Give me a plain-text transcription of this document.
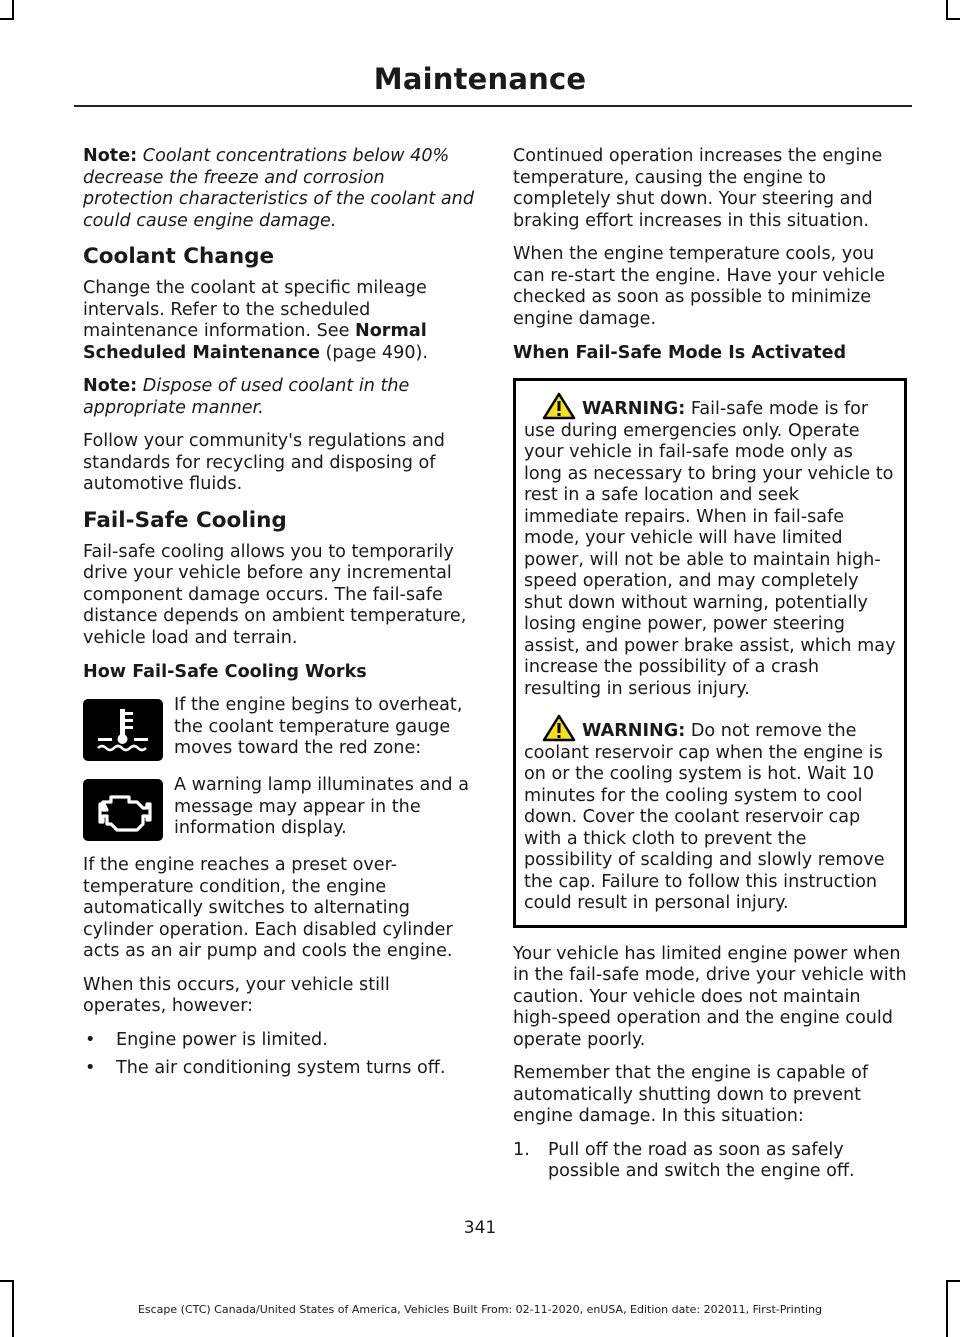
Maintenance

Note: Coolant concentrations below 40% decrease the freeze and corrosion protection characteristics of the coolant and could cause engine damage.

Coolant Change

Change the coolant at specific mileage intervals. Refer to the scheduled maintenance information. See Normal Scheduled Maintenance (page 490).

Note: Dispose of used coolant in the appropriate manner.

Follow your community's regulations and standards for recycling and disposing of automotive fluids.

Fail-Safe Cooling

Fail-safe cooling allows you to temporarily drive your vehicle before any incremental component damage occurs. The fail-safe distance depends on ambient temperature, vehicle load and terrain.

How Fail-Safe Cooling Works

If the engine begins to overheat, the coolant temperature gauge moves toward the red zone:

A warning lamp illuminates and a message may appear in the information display.

If the engine reaches a preset over-temperature condition, the engine automatically switches to alternating cylinder operation. Each disabled cylinder acts as an air pump and cools the engine.

When this occurs, your vehicle still operates, however:

• Engine power is limited.
• The air conditioning system turns off.

Continued operation increases the engine temperature, causing the engine to completely shut down. Your steering and braking effort increases in this situation.

When the engine temperature cools, you can re-start the engine. Have your vehicle checked as soon as possible to minimize engine damage.

When Fail-Safe Mode Is Activated

WARNING: Fail-safe mode is for use during emergencies only. Operate your vehicle in fail-safe mode only as long as necessary to bring your vehicle to rest in a safe location and seek immediate repairs. When in fail-safe mode, your vehicle will have limited power, will not be able to maintain high-speed operation, and may completely shut down without warning, potentially losing engine power, power steering assist, and power brake assist, which may increase the possibility of a crash resulting in serious injury.

WARNING: Do not remove the coolant reservoir cap when the engine is on or the cooling system is hot. Wait 10 minutes for the cooling system to cool down. Cover the coolant reservoir cap with a thick cloth to prevent the possibility of scalding and slowly remove the cap. Failure to follow this instruction could result in personal injury.

Your vehicle has limited engine power when in the fail-safe mode, drive your vehicle with caution. Your vehicle does not maintain high-speed operation and the engine could operate poorly.

Remember that the engine is capable of automatically shutting down to prevent engine damage. In this situation:

1. Pull off the road as soon as safely possible and switch the engine off.
341
Escape (CTC) Canada/United States of America, Vehicles Built From: 02-11-2020, enUSA, Edition date: 202011, First-Printing
